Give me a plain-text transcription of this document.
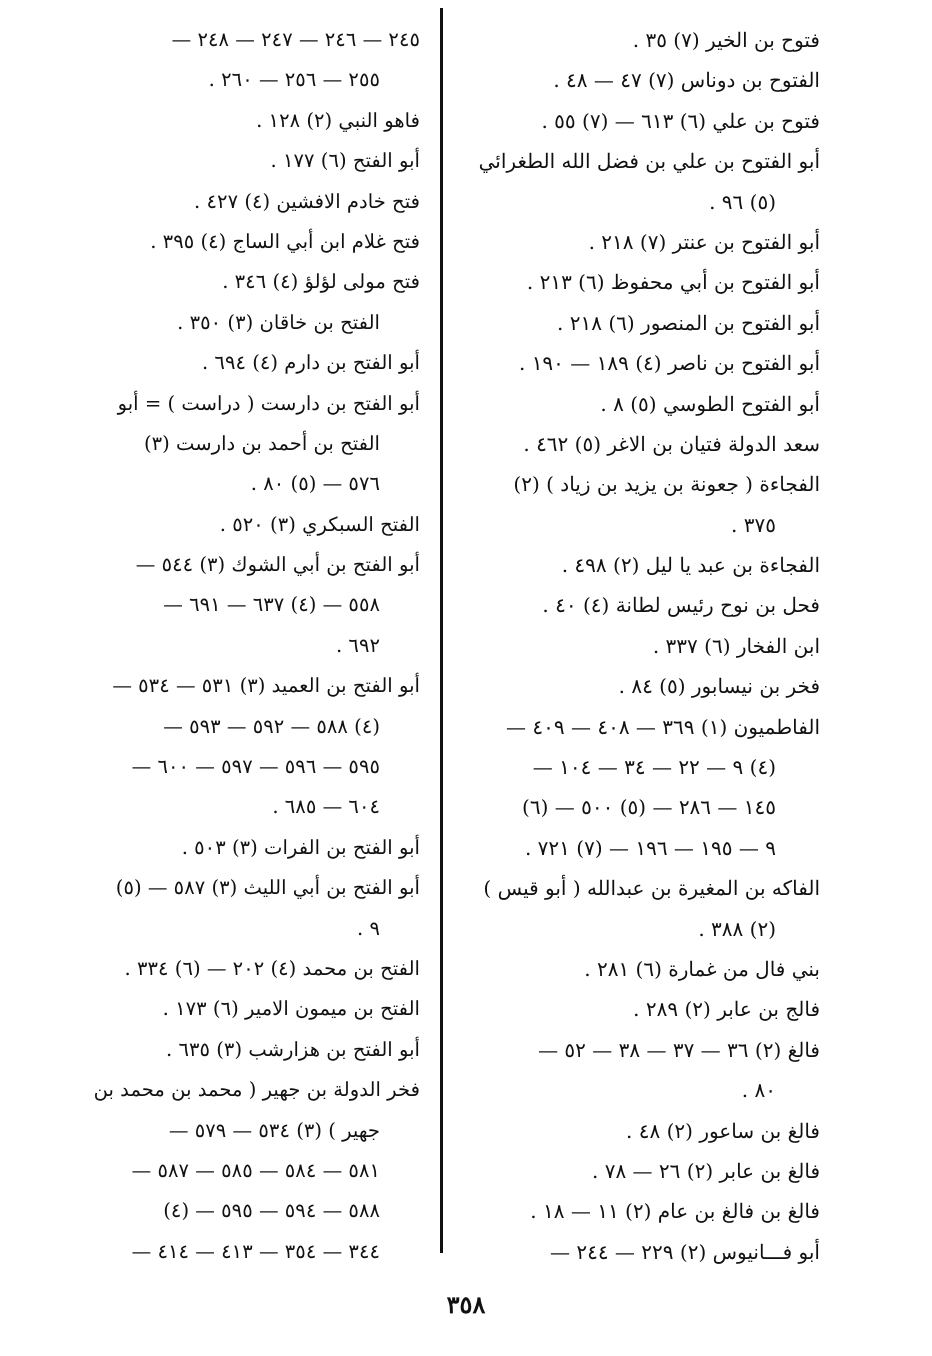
فتوح بن الخير (٧) ٣٥ .
الفتوح بن دوناس (٧) ٤٧ — ٤٨ .
فتوح بن علي (٦) ٦١٣ — (٧) ٥٥ .
أبو الفتوح بن علي بن فضل الله الطغرائي
(٥) ٩٦ .
أبو الفتوح بن عنتر (٧) ٢١٨ .
أبو الفتوح بن أبي محفوظ (٦) ٢١٣ .
أبو الفتوح بن المنصور (٦) ٢١٨ .
أبو الفتوح بن ناصر (٤) ١٨٩ — ١٩٠ .
أبو الفتوح الطوسي (٥) ٨ .
سعد الدولة فتيان بن الاغر (٥) ٤٦٢ .
الفجاءة ( جعونة بن يزيد بن زياد ) (٢)
٣٧٥ .
الفجاءة بن عبد يا ليل (٢) ٤٩٨ .
فحل بن نوح رئيس لطانة (٤) ٤٠ .
ابن الفخار (٦) ٣٣٧ .
فخر بن نيسابور (٥) ٨٤ .
الفاطميون (١) ٣٦٩ — ٤٠٨ — ٤٠٩ —
(٤) ٩ — ٢٢ — ٣٤ — ١٠٤ —
١٤٥ — ٢٨٦ — (٥) ٥٠٠ — (٦)
٩ — ١٩٥ — ١٩٦ — (٧) ٧٢١ .
الفاكه بن المغيرة بن عبدالله ( أبو قيس )
(٢) ٣٨٨ .
بني فال من غمارة (٦) ٢٨١ .
فالج بن عابر (٢) ٢٨٩ .
فالغ (٢) ٣٦ — ٣٧ — ٣٨ — ٥٢ —
٨٠ .
فالغ بن ساعور (٢) ٤٨ .
فالغ بن عابر (٢) ٢٦ — ٧٨ .
فالغ بن فالغ بن عام (٢) ١١ — ١٨ .
أبو فـــانيوس (٢) ٢٢٩ — ٢٤٤ —
٢٤٥ — ٢٤٦ — ٢٤٧ — ٢٤٨ —
٢٥٥ — ٢٥٦ — ٢٦٠ .
فاهو النبي (٢) ١٢٨ .
أبو الفتح (٦) ١٧٧ .
فتح خادم الافشين (٤) ٤٢٧ .
فتح غلام ابن أبي الساج (٤) ٣٩٥ .
فتح مولى لؤلؤ (٤) ٣٤٦ .
الفتح بن خاقان (٣) ٣٥٠ .
أبو الفتح بن دارم (٤) ٦٩٤ .
أبو الفتح بن دارست ( دراست ) = أبو
الفتح بن أحمد بن دارست (٣)
٥٧٦ — (٥) ٨٠ .
الفتح السبكري (٣) ٥٢٠ .
أبو الفتح بن أبي الشوك (٣) ٥٤٤ —
٥٥٨ — (٤) ٦٣٧ — ٦٩١ —
٦٩٢ .
أبو الفتح بن العميد (٣) ٥٣١ — ٥٣٤ —
(٤) ٥٨٨ — ٥٩٢ — ٥٩٣ —
٥٩٥ — ٥٩٦ — ٥٩٧ — ٦٠٠ —
٦٠٤ — ٦٨٥ .
أبو الفتح بن الفرات (٣) ٥٠٣ .
أبو الفتح بن أبي الليث (٣) ٥٨٧ — (٥)
٩ .
الفتح بن محمد (٤) ٢٠٢ — (٦) ٣٣٤ .
الفتح بن ميمون الامير (٦) ١٧٣ .
أبو الفتح بن هزارشب (٣) ٦٣٥ .
فخر الدولة بن جهير ( محمد بن محمد بن
جهير ) (٣) ٥٣٤ — ٥٧٩ —
٥٨١ — ٥٨٤ — ٥٨٥ — ٥٨٧ —
٥٨٨ — ٥٩٤ — ٥٩٥ — (٤)
٣٤٤ — ٣٥٤ — ٤١٣ — ٤١٤ —
٣٥٨
